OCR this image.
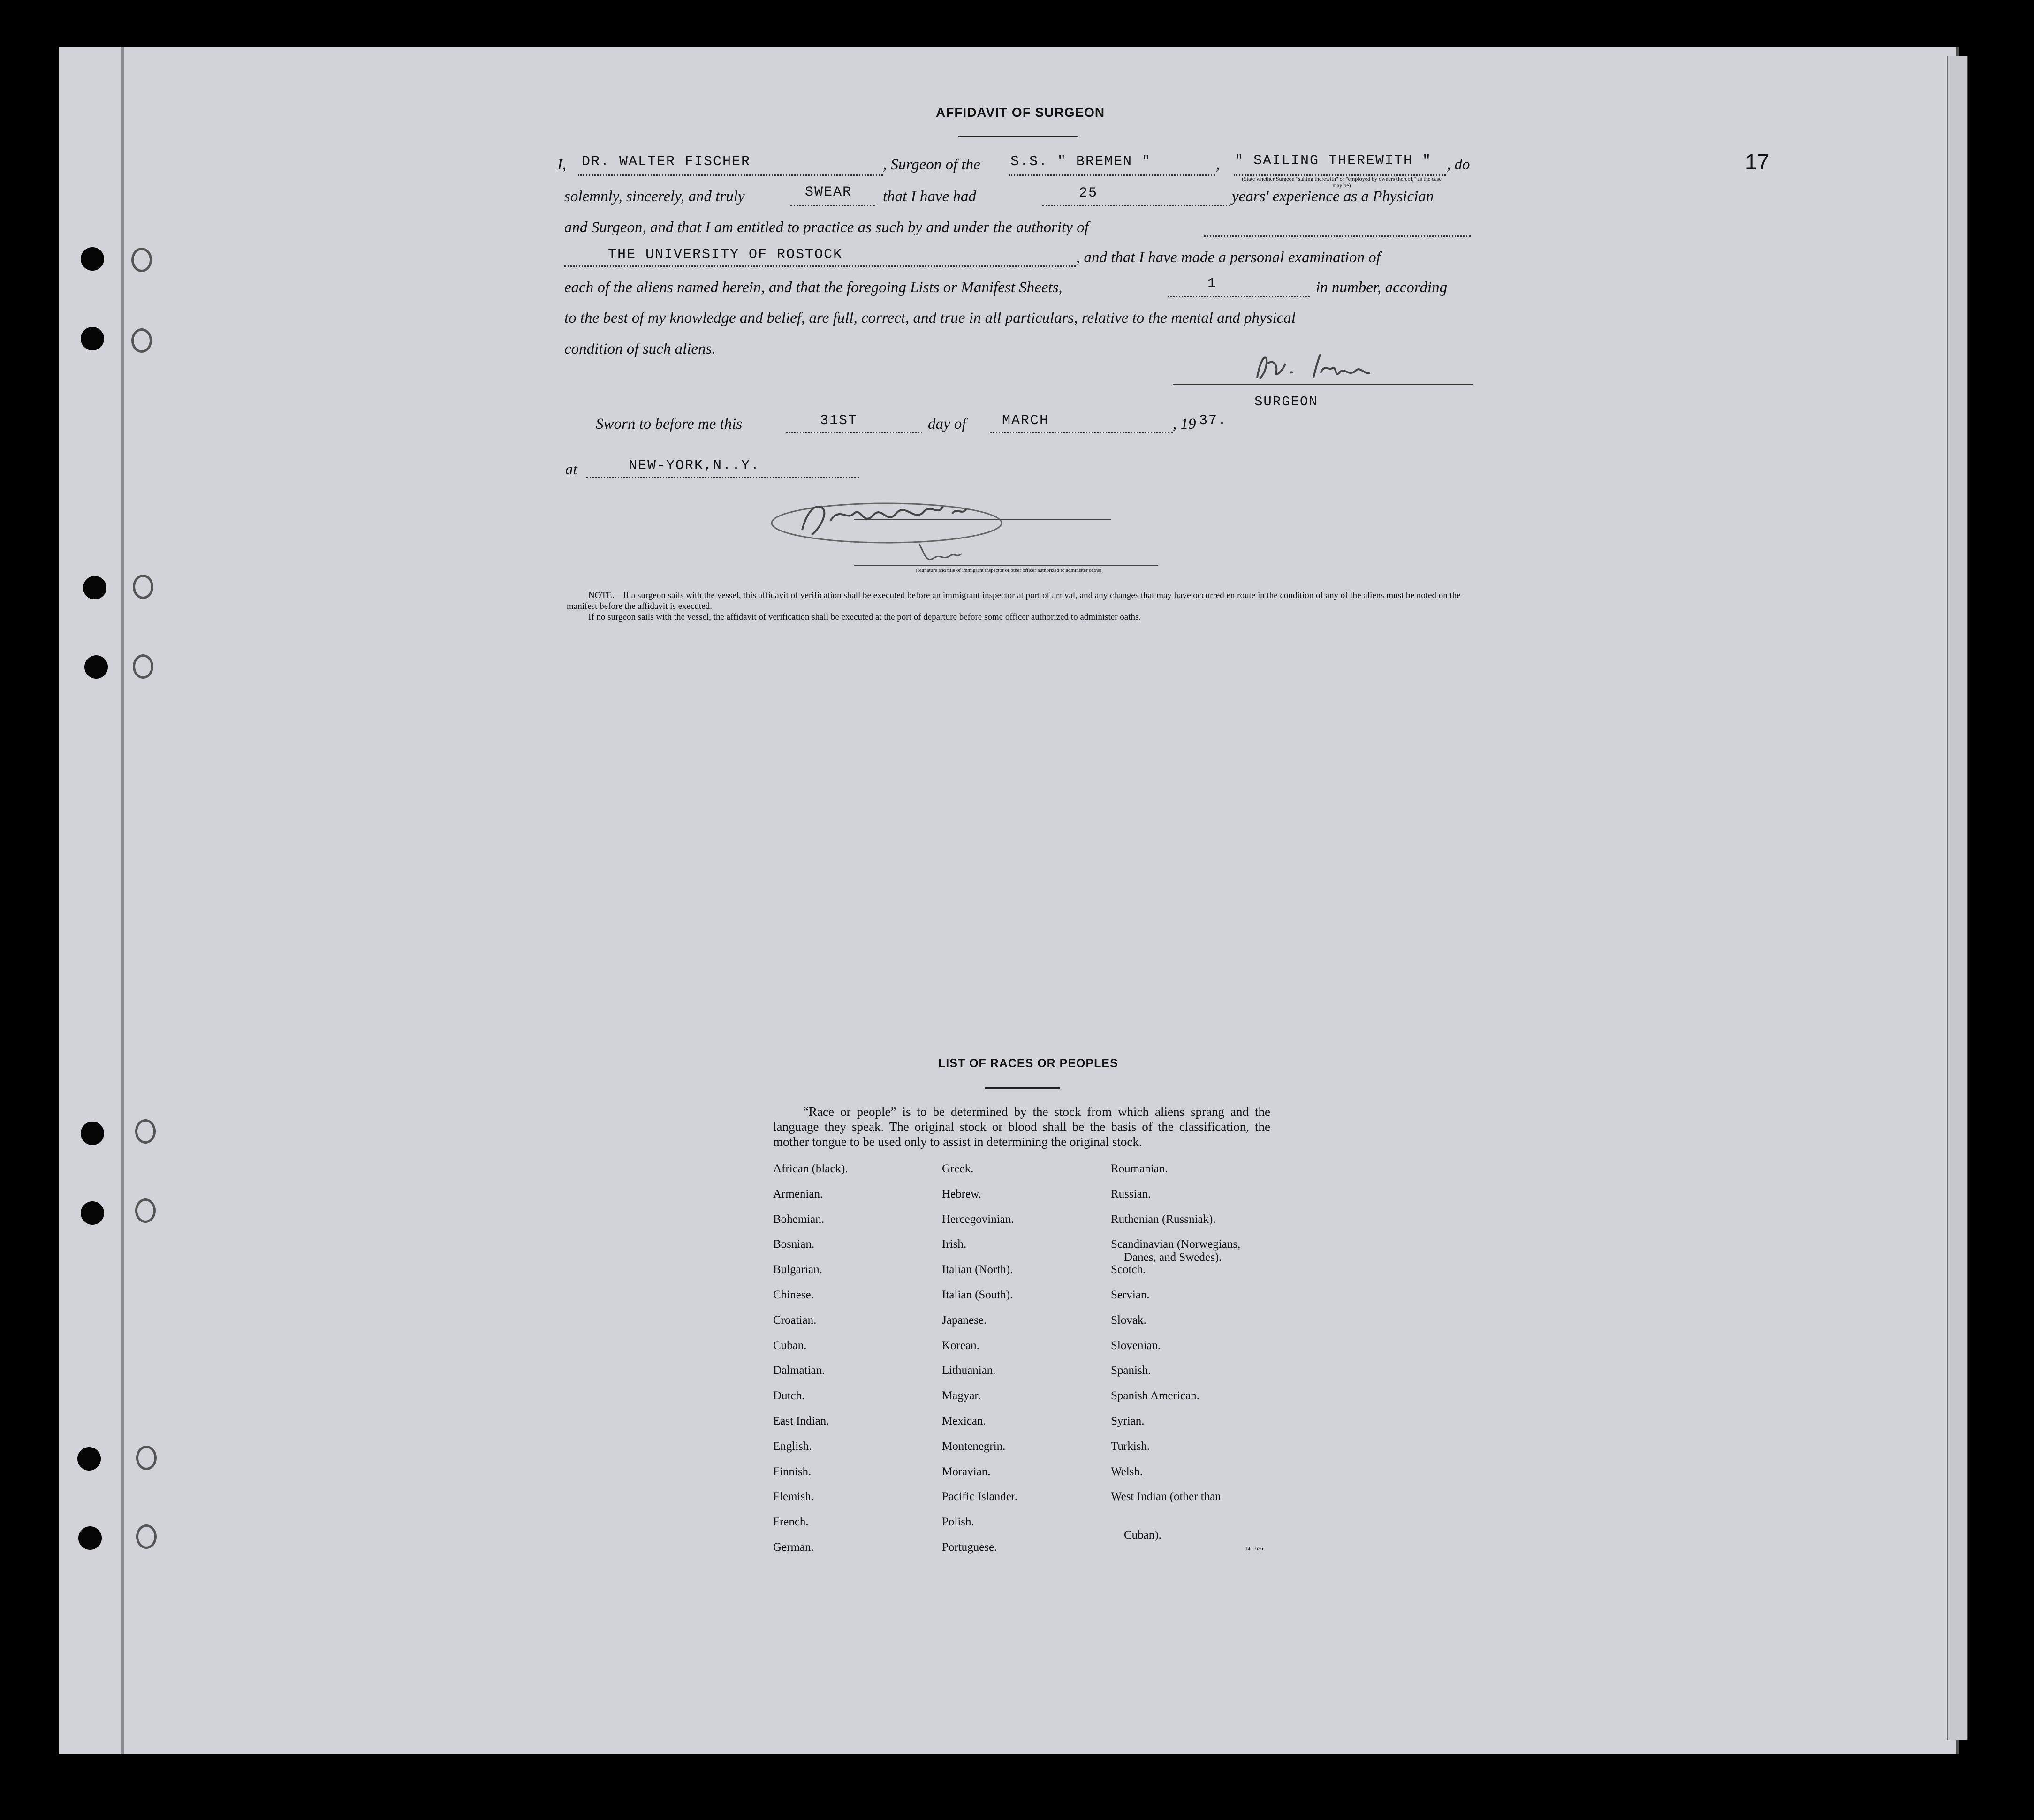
17
AFFIDAVIT OF SURGEON
I, DR. WALTER FISCHER	, Surgeon of the S.S. " BREMEN "	, " SAILING THEREWITH "
(State whether Surgeon "sailing therewith" or "employed by owners thereof," as the case may be)
, do
solemnly, sincerely, and truly	SWEAR that I have had	25	years' experience as a Physician
and Surgeon, and that I am entitled to practice as such by and under the authority of
THE UNIVERSITY OF ROSTOCK	, and that I have made a personal examination of
each of the aliens named herein, and that the foregoing Lists or Manifest Sheets,	1	in number, according
to the best of my knowledge and belief, are full, correct, and true in all particulars, relative to the mental and physical
condition of such aliens.
SURGEON
Sworn to before me this	31ST	day of	MARCH	, 19 37.
at	NEW-YORK,N..Y.
(Signature and title of immigrant inspector or other officer authorized to administer oaths)
NOTE.—If a surgeon sails with the vessel, this affidavit of verification shall be executed before an immigrant inspector at port of arrival, and any changes that may have occurred en route in the condition of any of the aliens must be noted on the manifest before the affidavit is executed.
If no surgeon sails with the vessel, the affidavit of verification shall be executed at the port of departure before some officer authorized to administer oaths.
LIST OF RACES OR PEOPLES
“Race or people” is to be determined by the stock from which aliens sprang and the language they speak. The original stock or blood shall be the basis of the classification, the mother tongue to be used only to assist in determining the original stock.
African (black).
Armenian.
Bohemian.
Bosnian.
Bulgarian.
Chinese.
Croatian.
Cuban.
Dalmatian.
Dutch.
East Indian.
English.
Finnish.
Flemish.
French.
German.
Greek.
Hebrew.
Hercegovinian.
Irish.
Italian (North).
Italian (South).
Japanese.
Korean.
Lithuanian.
Magyar.
Mexican.
Montenegrin.
Moravian.
Pacific Islander.
Polish.
Portuguese.
Roumanian.
Russian.
Ruthenian (Russniak).
Scandinavian (Norwegians,
Danes, and Swedes).
Scotch.
Servian.
Slovak.
Slovenian.
Spanish.
Spanish American.
Syrian.
Turkish.
Welsh.
West Indian (other than
Cuban).
14—636
